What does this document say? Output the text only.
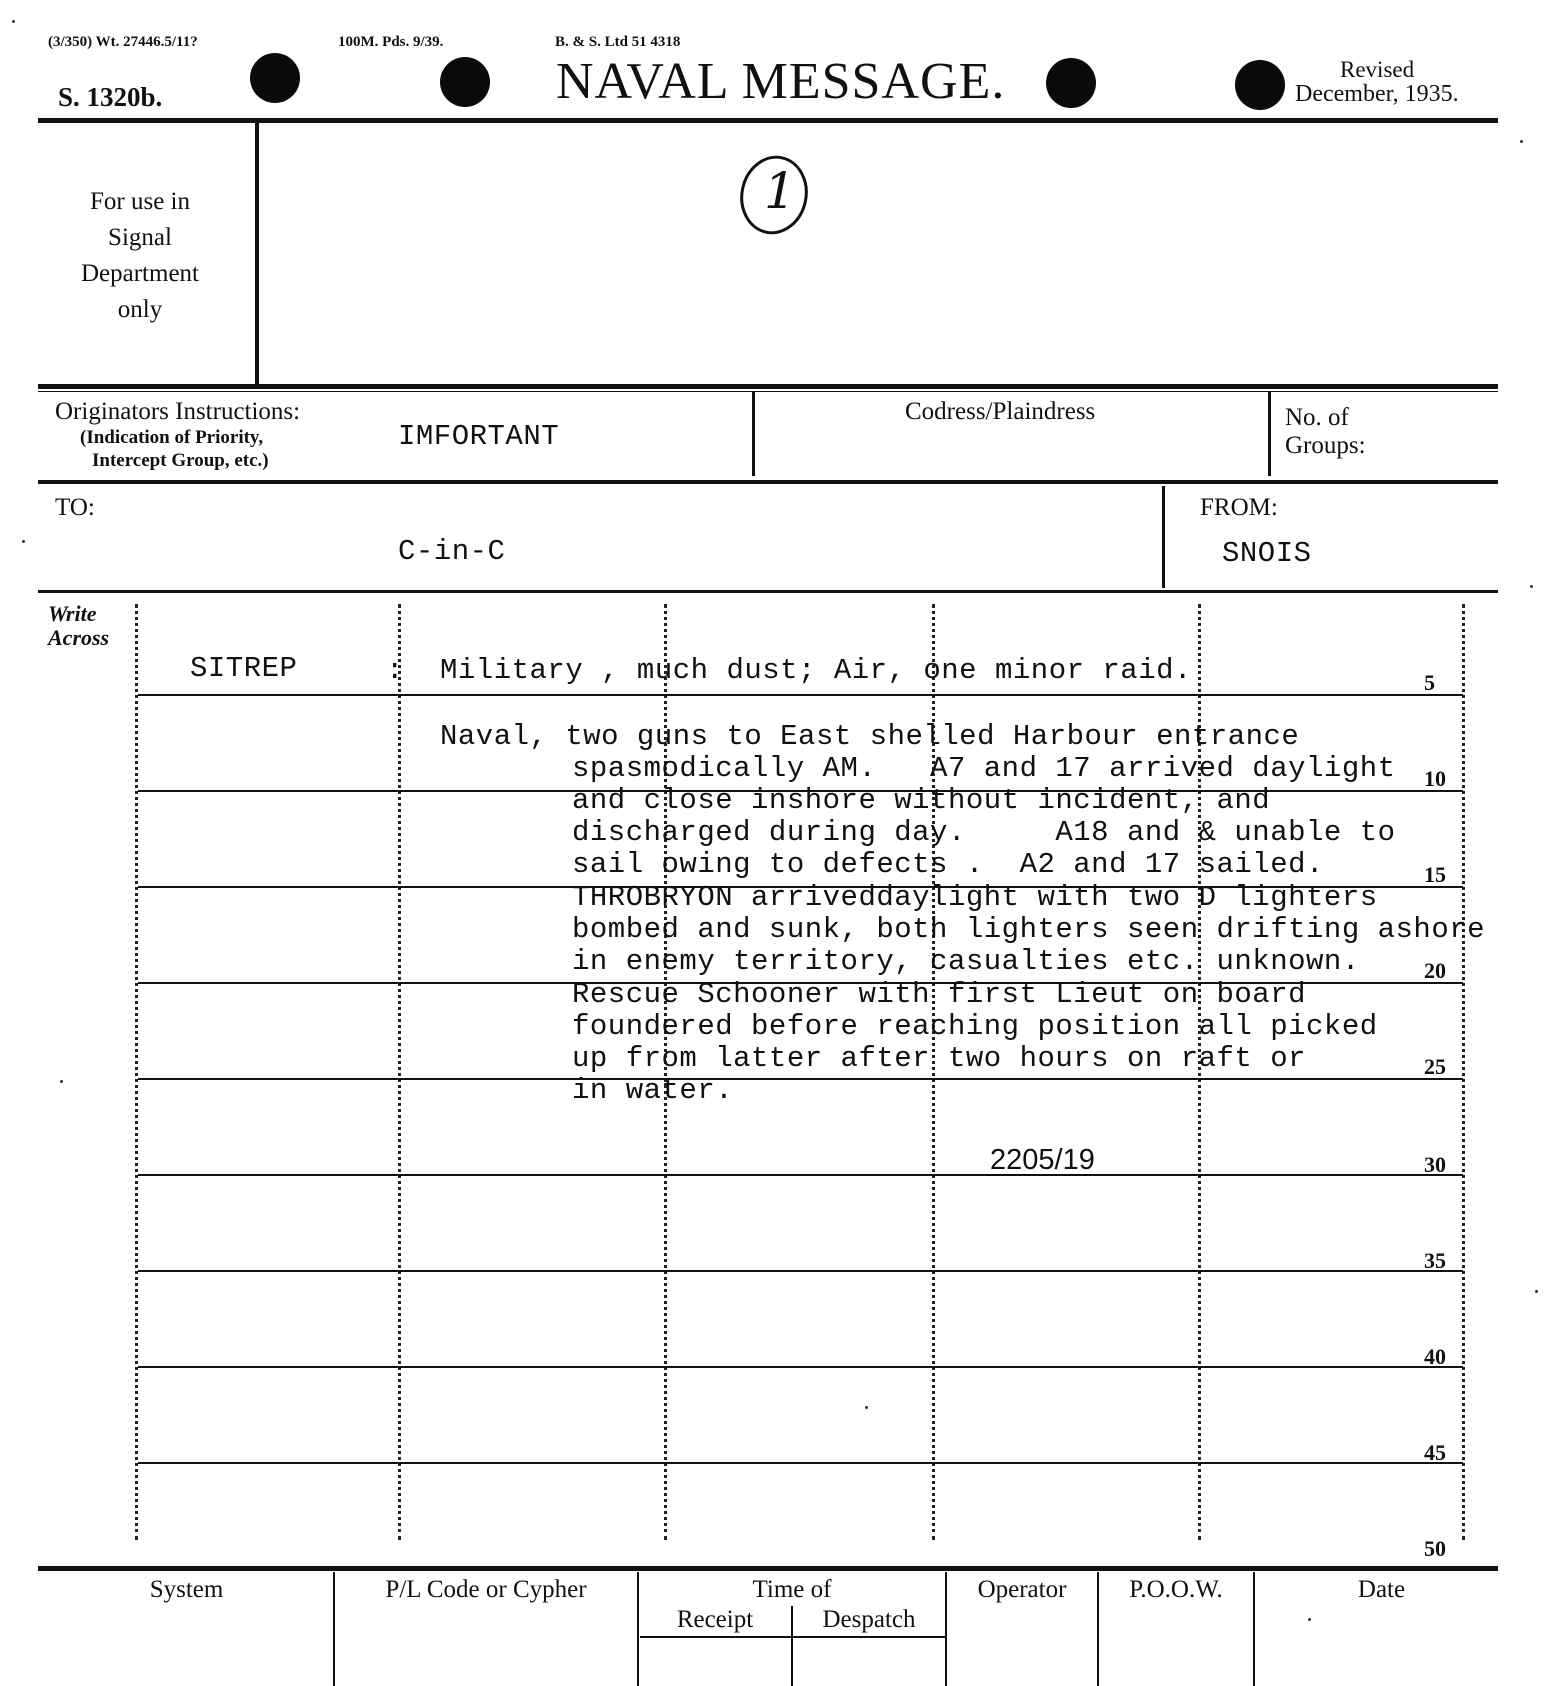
(3/350) Wt. 27446.5/11?	100M. Pds. 9/39.	B. & S. Ltd 51 4318
S. 1320b.	NAVAL MESSAGE.	Revised
December, 1935.
For use in
Signal
Department
only
1
Originators Instructions:
(Indication of Priority,
Intercept Group, etc.)
IMFORTANT
Codress/Plaindress	No. of
Groups:
TO:
C-in-C
FROM:
SNOIS
Write
Across
5
10
15
20
25
30
35
40
45
50
SITREP	: Military , much dust; Air, one minor raid.
Naval, two guns to East shelled Harbour entrance
spasmodically AM.   A7 and 17 arrived daylight
and close inshore without incident, and
discharged during day.     A18 and & unable to
sail owing to defects .  A2 and 17 sailed.
THROBRYON arriveddaylight with two D lighters
bombed and sunk, both lighters seen drifting ashore
in enemy territory, casualties etc. unknown.
Rescue Schooner with first Lieut on board
foundered before reaching position all picked
up from latter after two hours on raft or
in water.
2205/19
System	P/L Code or Cypher	Time of
Receipt	Despatch
Operator	P.O.O.W.	Date
